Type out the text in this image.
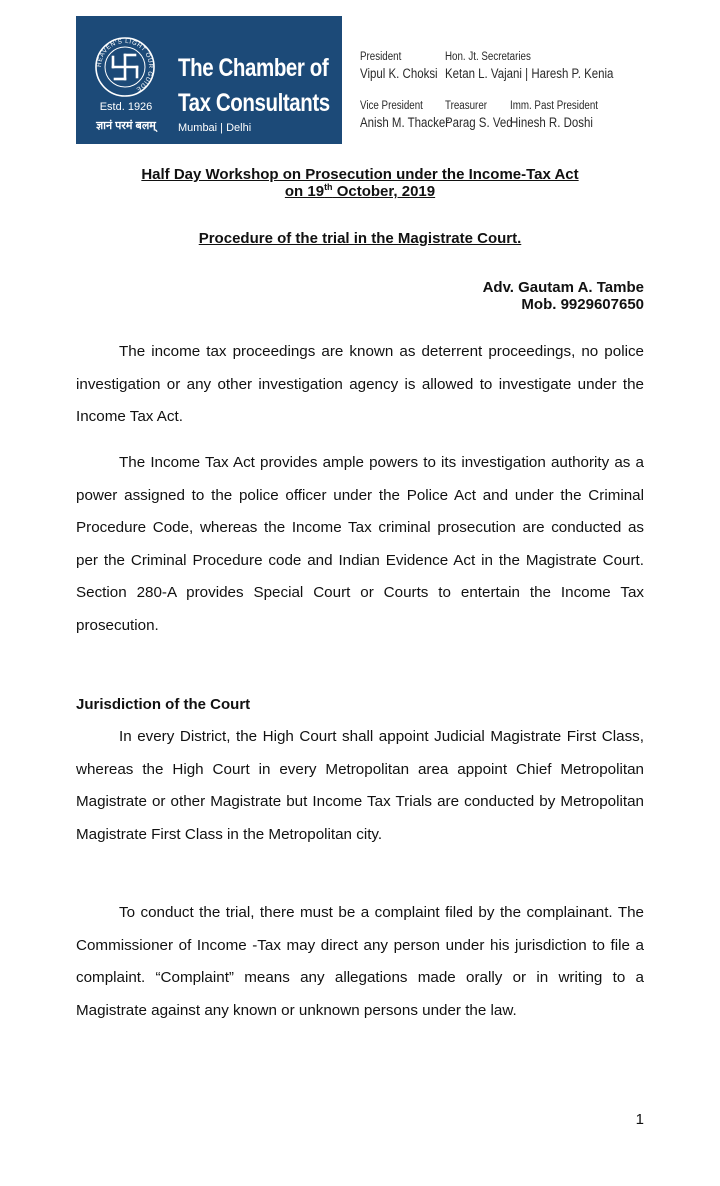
HEAVEN'S LIGHT OUR GUIDE
Estd. 1926
ज्ञानं परमं बलम्
The Chamber of
Tax Consultants
Mumbai | Delhi
President
Vipul K. Choksi
Vice President
Anish M. Thacker
Hon. Jt. Secretaries
Ketan L. Vajani | Haresh P. Kenia
Treasurer
Parag S. Ved
Imm. Past President
Hinesh R. Doshi
Half Day Workshop on Prosecution under the Income-Tax Act
on 19th October, 2019
Procedure of the trial in the Magistrate Court.
Adv. Gautam A. Tambe
Mob. 9929607650

The income tax proceedings are known as deterrent proceedings, no police investigation or any other investigation agency is allowed to investigate under the Income Tax Act.

The Income Tax Act provides ample powers to its investigation authority as a power assigned to the police officer under the Police Act and under the Criminal Procedure Code, whereas the Income Tax criminal prosecution are conducted as per the Criminal Procedure code and Indian Evidence Act in the Magistrate Court. Section 280-A provides Special Court or Courts to entertain the Income Tax prosecution.

Jurisdiction of the Court

In every District, the High Court shall appoint Judicial Magistrate First Class, whereas the High Court in every Metropolitan area appoint Chief Metropolitan Magistrate or other Magistrate but Income Tax Trials are conducted by Metropolitan Magistrate First Class in the Metropolitan city.

To conduct the trial, there must be a complaint filed by the complainant. The Commissioner of Income -Tax may direct any person under his jurisdiction to file a complaint. “Complaint” means any allegations made orally or in writing to a Magistrate against any known or unknown persons under the law.

1
